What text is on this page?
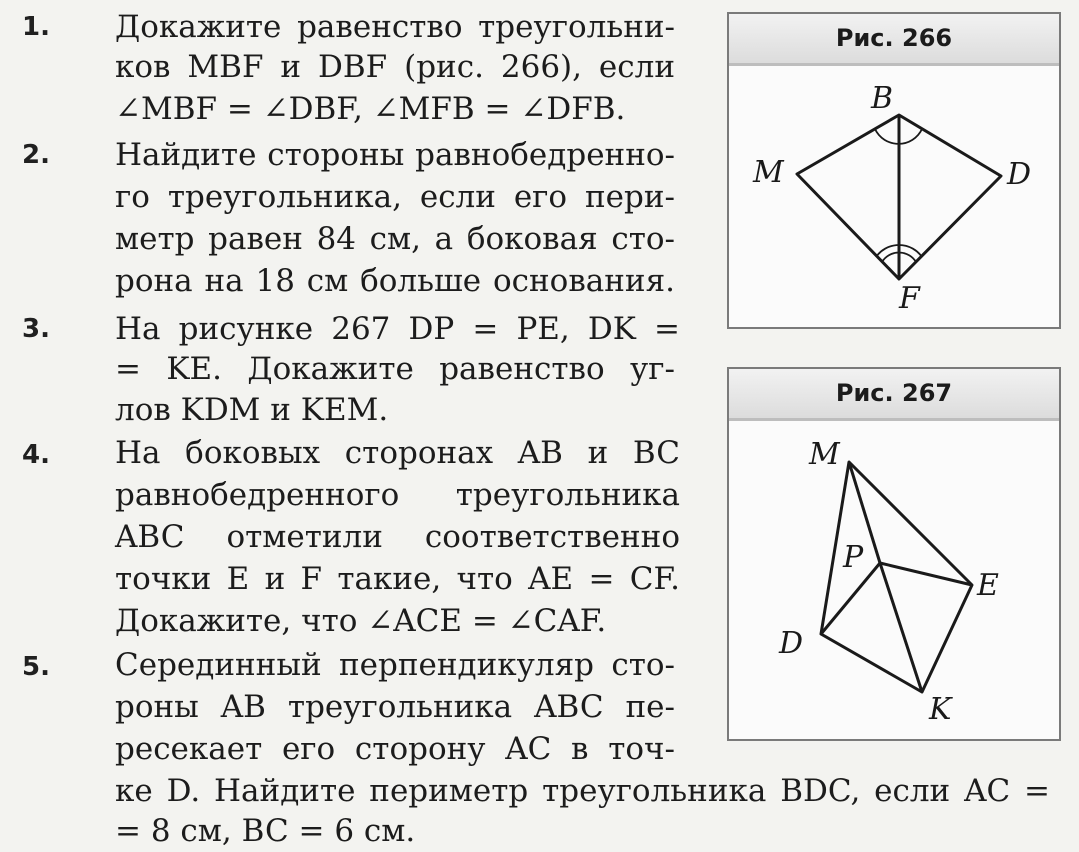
1. Докажите равенство треугольни-
ков MBF и DBF (рис. 266), если
∠MBF = ∠DBF, ∠MFB = ∠DFB.
2. Найдите стороны равнобедренно-
го треугольника, если его пери-
метр равен 84 см, а боковая сто-
рона на 18 см больше основания.
3. На рисунке 267 DP = PE, DK =
= KE. Докажите равенство уг-
лов KDM и KEM.
4. На боковых сторонах AB и BC
равнобедренного треугольника
ABC отметили соответственно
точки E и F такие, что AE = CF.
Докажите, что ∠ACE = ∠CAF.
5. Серединный перпендикуляр сто-
роны AB треугольника ABC пе-
ресекает его сторону AC в точ-
ке D. Найдите периметр треугольника BDC, если AC =
= 8 см, BC = 6 см.
Рис. 266
B
M	D
F
Рис. 267
M
P
E
D
K
